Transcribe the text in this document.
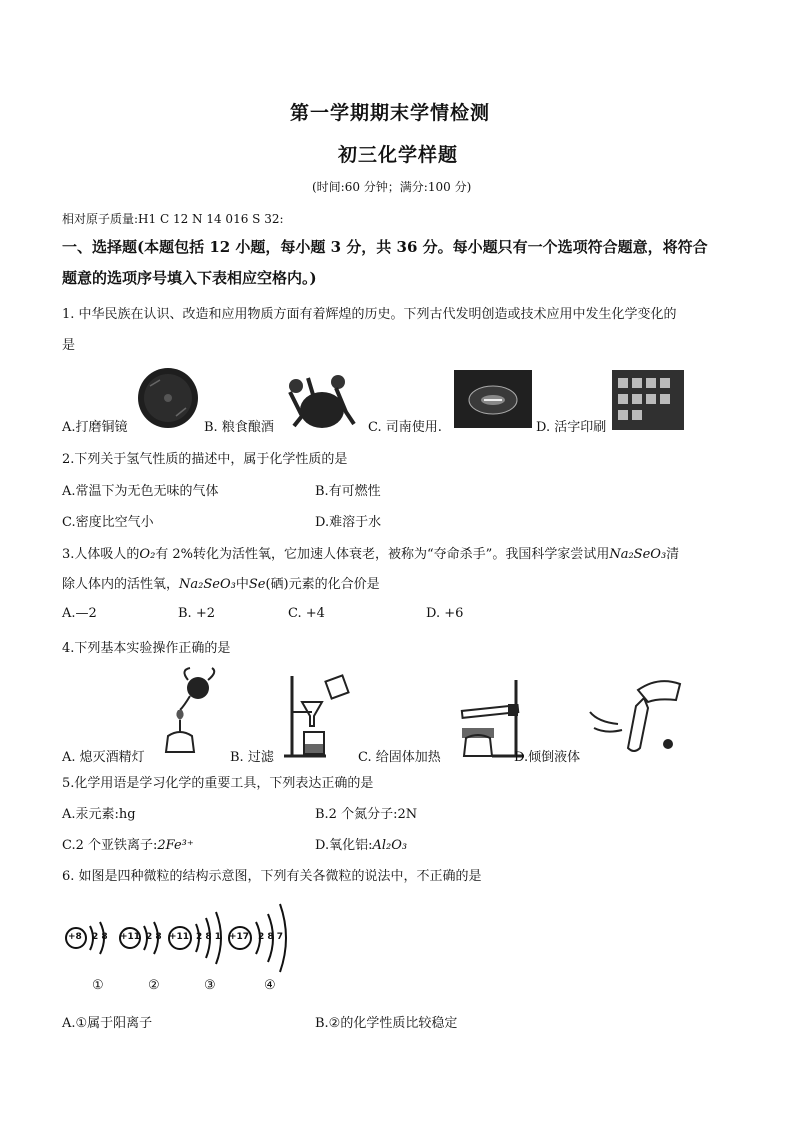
第一学期期末学情检测
初三化学样题
(时间:60 分钟；满分:100 分)
相对原子质量:H1 C 12 N 14 016 S 32:
一、选择题(本题包括 12 小题，每小题 3 分，共 36 分。每小题只有一个选项符合题意，将符合
题意的选项序号填入下表相应空格内。)
1. 中华民族在认识、改造和应用物质方面有着辉煌的历史。下列古代发明创造或技术应用中发生化学变化的
是
A.打磨铜镜	B. 粮食酿酒	C. 司南使用.	D. 活字印刷
2.下列关于氢气性质的描述中，属于化学性质的是
A.常温下为无色无味的气体	B.有可燃性
C.密度比空气小	D.难溶于水
3.人体吸人的O₂有 2%转化为活性氧，它加速人体衰老，被称为“夺命杀手”。我国科学家尝试用Na₂SeO₃清
除人体内的活性氧，Na₂SeO₃中Se(硒)元素的化合价是
A.—2	B. +2	C. +4	D. +6
4.下列基本实验操作正确的是
A. 熄灭酒精灯	B. 过滤	C. 给固体加热	D.倾倒液体
5.化学用语是学习化学的重要工具，下列表达正确的是
A.汞元素:hg	B.2 个氮分子:2N
C.2 个亚铁离子:2Fe³⁺	D.氧化铝:Al₂O₃
6. 如图是四种微粒的结构示意图，下列有关各微粒的说法中，不正确的是
+8 2 8
①
+11 2 8
②
+11 2 8 1
③
+17 2 8 7
④
A.①属于阳离子	B.②的化学性质比较稳定
